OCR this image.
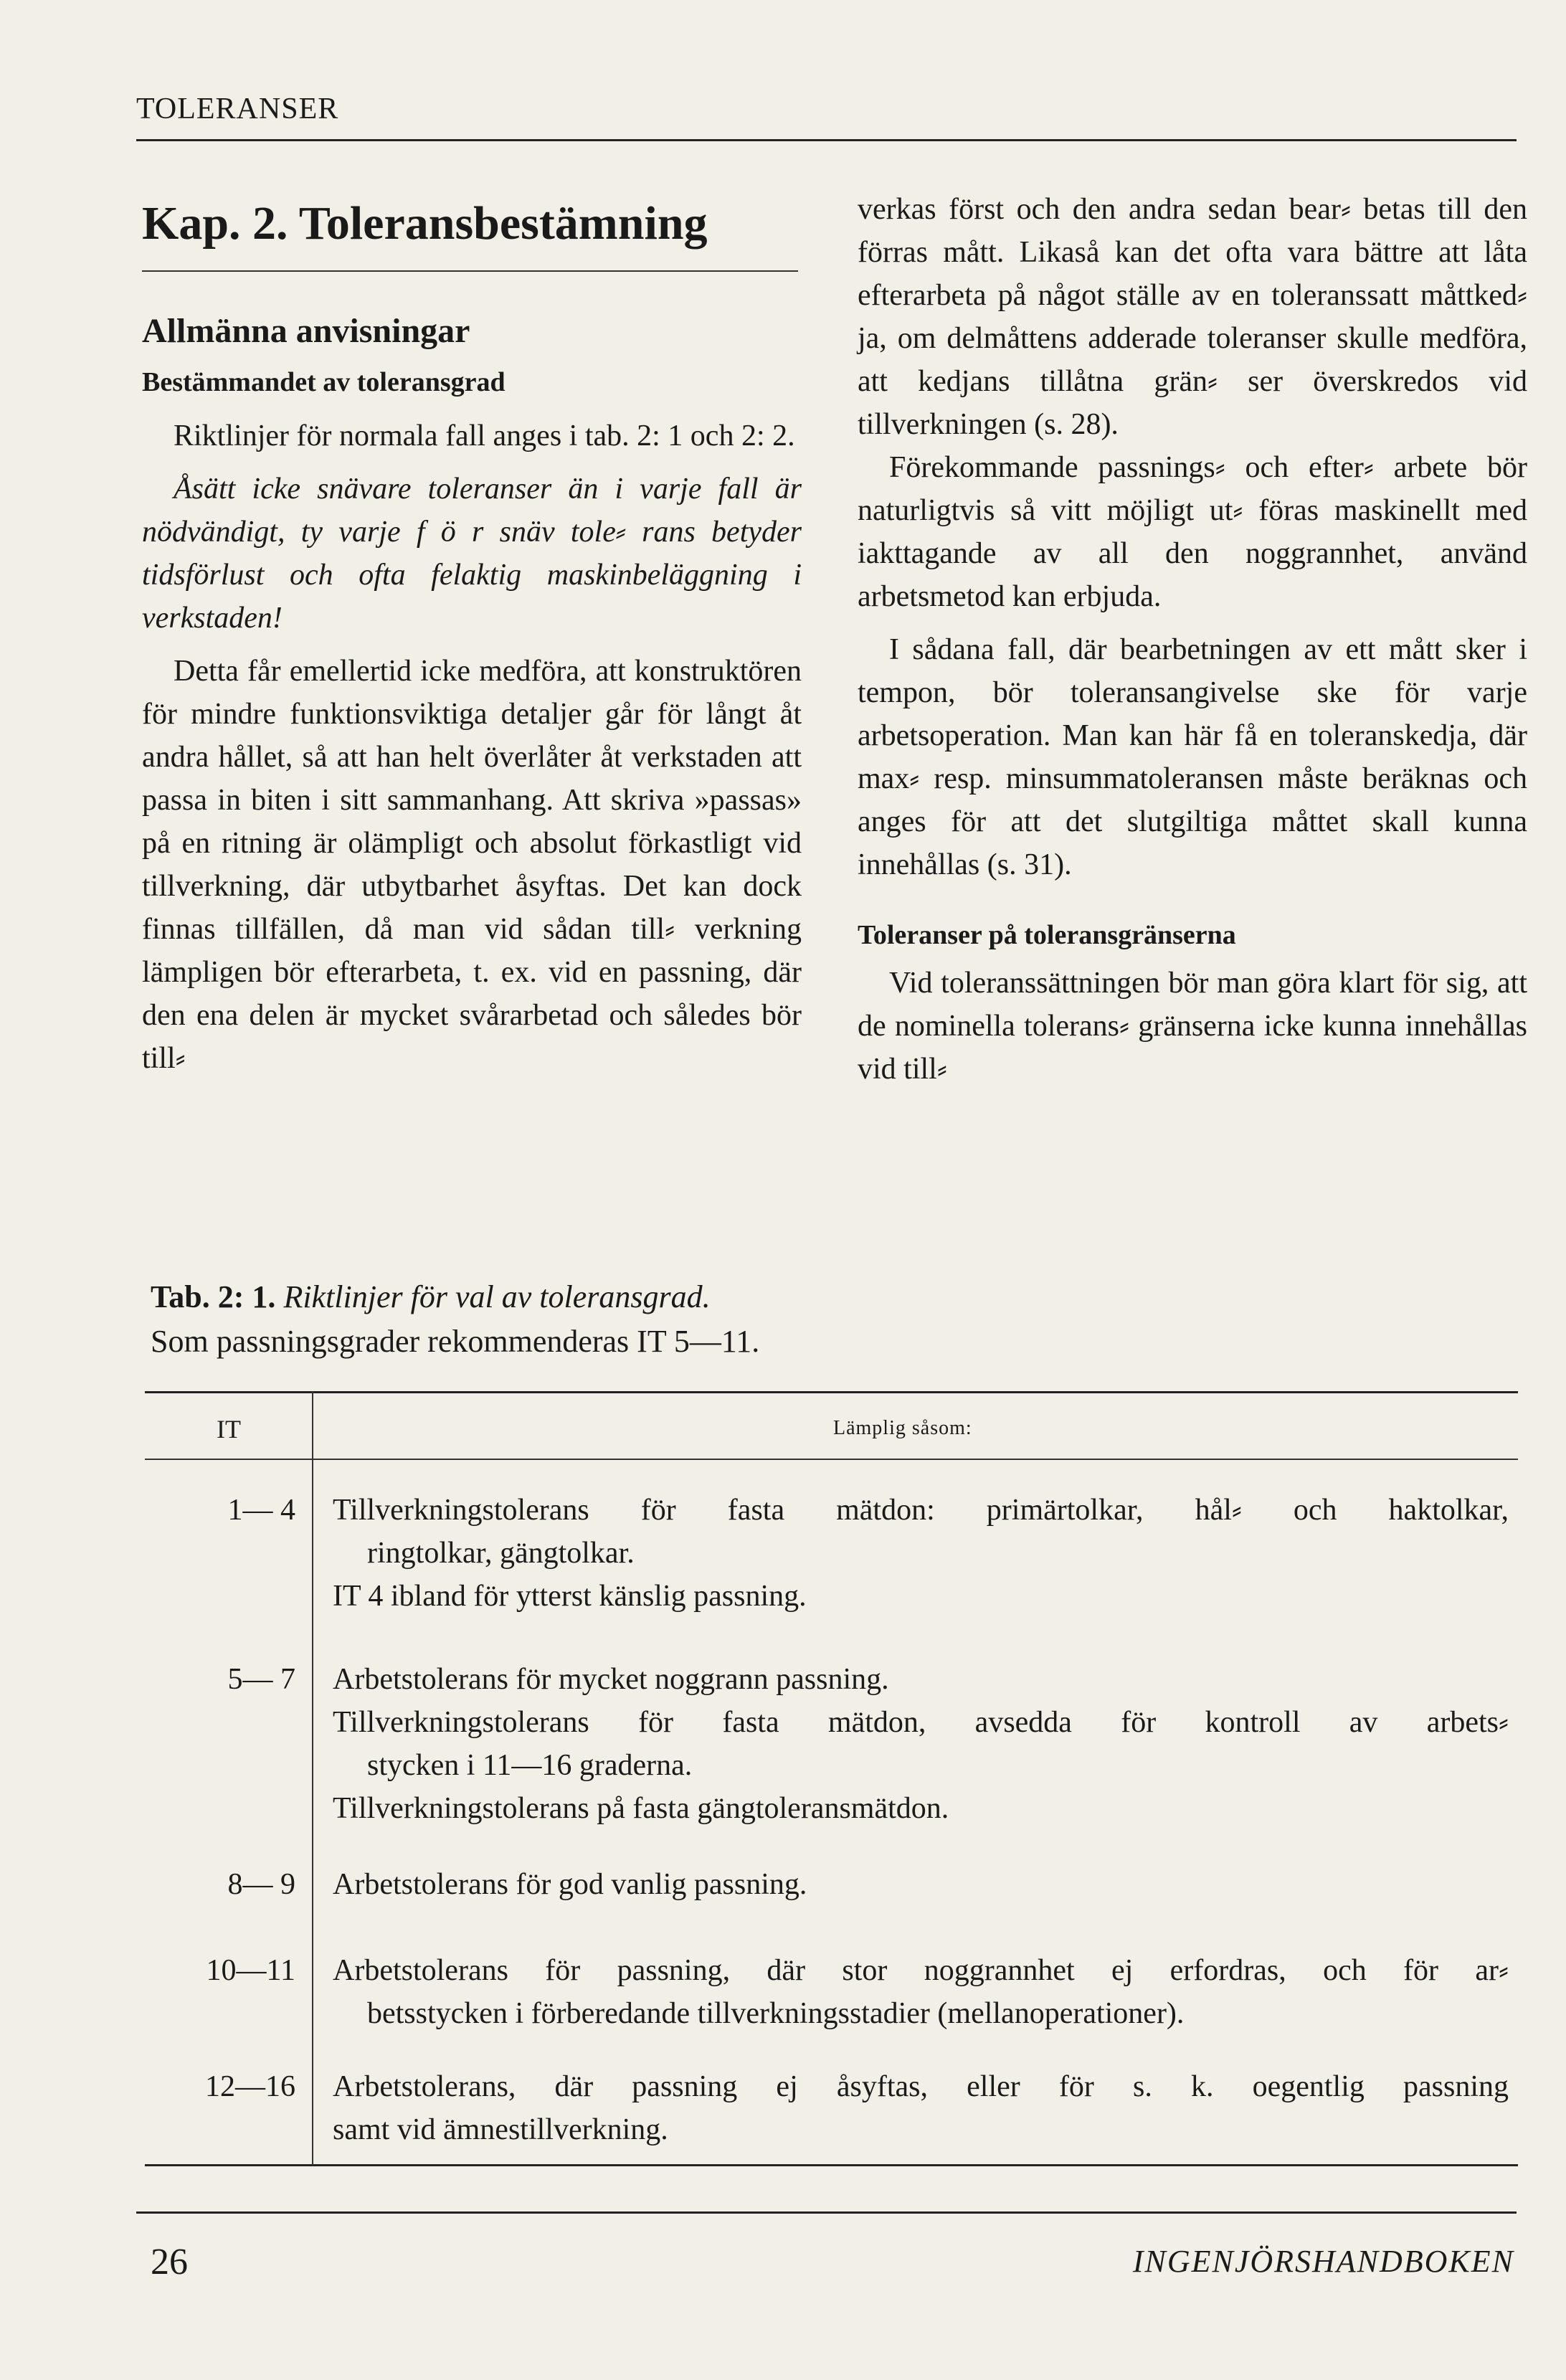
TOLERANSER
Kap. 2. Toleransbestämning
Allmänna anvisningar
Bestämmandet av toleransgrad

Riktlinjer för normala fall anges i tab. 2: 1 och 2: 2.

Åsätt icke snävare toleranser än i varje fall är nödvändigt, ty varje f ö r snäv tole⸗ rans betyder tidsförlust och ofta felaktig maskinbeläggning i verkstaden!

Detta får emellertid icke medföra, att konstruktören för mindre funktionsviktiga detaljer går för långt åt andra hållet, så att han helt överlåter åt verkstaden att passa in biten i sitt sammanhang. Att skriva »passas» på en ritning är olämpligt och absolut förkastligt vid tillverkning, där utbytbarhet åsyftas. Det kan dock finnas tillfällen, då man vid sådan till⸗ verkning lämpligen bör efterarbeta, t. ex. vid en passning, där den ena delen är mycket svårarbetad och således bör till⸗

verkas först och den andra sedan bear⸗ betas till den förras mått. Likaså kan det ofta vara bättre att låta efterarbeta på något ställe av en toleranssatt måttked⸗ ja, om delmåttens adderade toleranser skulle medföra, att kedjans tillåtna grän⸗ ser överskredos vid tillverkningen (s. 28).

Förekommande passnings⸗ och efter⸗ arbete bör naturligtvis så vitt möjligt ut⸗ föras maskinellt med iakttagande av all den noggrannhet, använd arbetsmetod kan erbjuda.

I sådana fall, där bearbetningen av ett mått sker i tempon, bör toleransangivelse ske för varje arbetsoperation. Man kan här få en toleranskedja, där max⸗ resp. minsummatoleransen måste beräknas och anges för att det slutgiltiga måttet skall kunna innehållas (s. 31).

Toleranser på toleransgränserna

Vid toleranssättningen bör man göra klart för sig, att de nominella tolerans⸗ gränserna icke kunna innehållas vid till⸗

Tab. 2: 1. Riktlinjer för val av toleransgrad.
Som passningsgrader rekommenderas IT 5—11.
IT	Lämplig såsom:
1— 4 Tillverkningstolerans för fasta mätdon: primärtolkar, hål⸗ och haktolkar,
ringtolkar, gängtolkar.
IT 4 ibland för ytterst känslig passning.
5— 7 Arbetstolerans för mycket noggrann passning.
Tillverkningstolerans för fasta mätdon, avsedda för kontroll av arbets⸗
stycken i 11—16 graderna.
Tillverkningstolerans på fasta gängtoleransmätdon.
8— 9 Arbetstolerans för god vanlig passning.
10—11 Arbetstolerans för passning, där stor noggrannhet ej erfordras, och för ar⸗
betsstycken i förberedande tillverkningsstadier (mellanoperationer).
12—16 Arbetstolerans, där passning ej åsyftas, eller för s. k. oegentlig passning
samt vid ämnestillverkning.
26	INGENJÖRSHANDBOKEN
